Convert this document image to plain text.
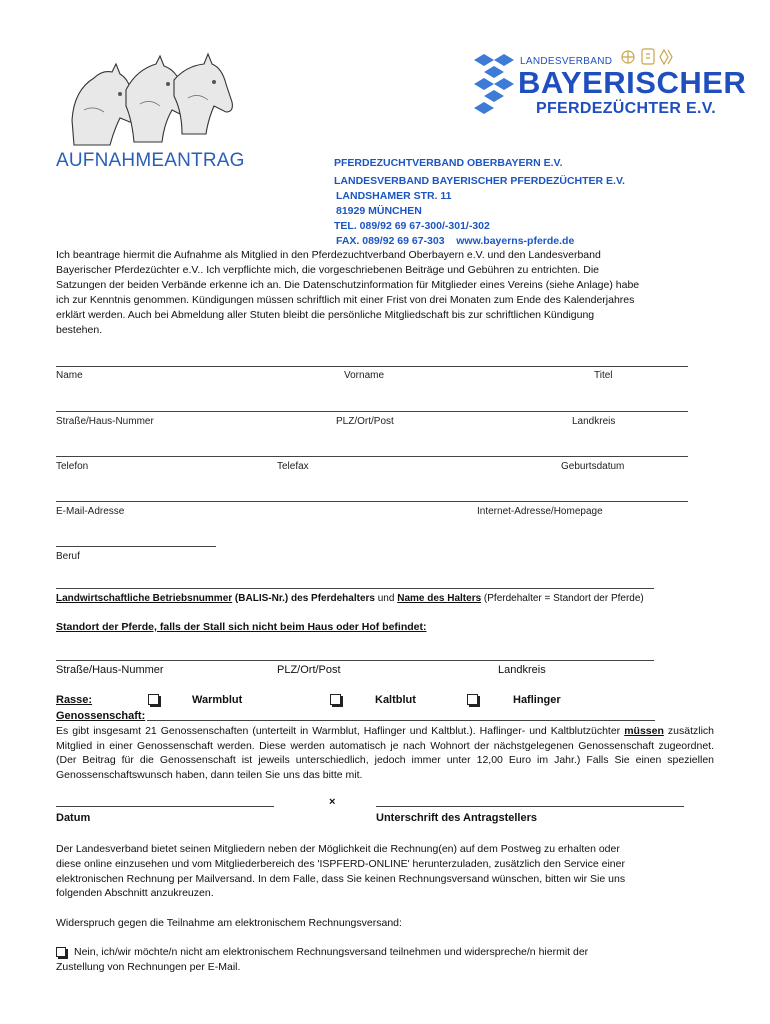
LANDESVERBAND
BAYERISCHER
PFERDEZÜCHTER E.V.
AUFNAHMEANTRAG	PFERDEZUCHTVERBAND OBERBAYERN E.V.
LANDESVERBAND BAYERISCHER PFERDEZÜCHTER E.V.
LANDSHAMER STR. 11
81929 MÜNCHEN
TEL. 089/92 69 67-300/-301/-302
FAX. 089/92 69 67-303    www.bayerns-pferde.de
Ich beantrage hiermit die Aufnahme als Mitglied in den Pferdezuchtverband Oberbayern e.V. und den Landesverband
Bayerischer Pferdezüchter e.V.. Ich verpflichte mich, die vorgeschriebenen Beiträge und Gebühren zu entrichten. Die
Satzungen der beiden Verbände erkenne ich an. Die Datenschutzinformation für Mitglieder eines Vereins (siehe Anlage) habe
ich zur Kenntnis genommen. Kündigungen müssen schriftlich mit einer Frist von drei Monaten zum Ende des Kalenderjahres
erklärt werden. Auch bei Abmeldung aller Stuten bleibt die persönliche Mitgliedschaft bis zur schriftlichen Kündigung
bestehen.
Name	Vorname	Titel
Straße/Haus-Nummer	PLZ/Ort/Post	Landkreis
Telefon	Telefax	Geburtsdatum
E-Mail-Adresse	Internet-Adresse/Homepage
Beruf
Landwirtschaftliche Betriebsnummer (BALIS-Nr.) des Pferdehalters und Name des Halters (Pferdehalter = Standort der Pferde)
Standort der Pferde, falls der Stall sich nicht beim Haus oder Hof befindet:
Straße/Haus-Nummer	PLZ/Ort/Post	Landkreis
Rasse:	Warmblut	Kaltblut	Haflinger
Genossenschaft:
Es gibt insgesamt 21 Genossenschaften (unterteilt in Warmblut, Haflinger und Kaltblut.). Haflinger- und Kaltblutzüchter müssen zusätzlich Mitglied in einer Genossenschaft werden. Diese werden automatisch je nach Wohnort der nächstgelegenen Genossenschaft zugeordnet. (Der Beitrag für die Genossenschaft ist jeweils unterschiedlich, jedoch immer unter 12,00 Euro im Jahr.) Falls Sie einen speziellen Genossenschaftswunsch haben, dann teilen Sie uns das bitte mit.
×
Datum	Unterschrift des Antragstellers
Der Landesverband bietet seinen Mitgliedern neben der Möglichkeit die Rechnung(en) auf dem Postweg zu erhalten oder
diese online einzusehen und vom Mitgliederbereich des 'ISPFERD-ONLINE' herunterzuladen, zusätzlich den Service einer
elektronischen Rechnung per Mailversand. In dem Falle, dass Sie keinen Rechnungsversand wünschen, bitten wir Sie uns
folgenden Abschnitt anzukreuzen.
Widerspruch gegen die Teilnahme am elektronischem Rechnungsversand:
Nein, ich/wir möchte/n nicht am elektronischem Rechnungsversand teilnehmen und widerspreche/n hiermit der
Zustellung von Rechnungen per E-Mail.
